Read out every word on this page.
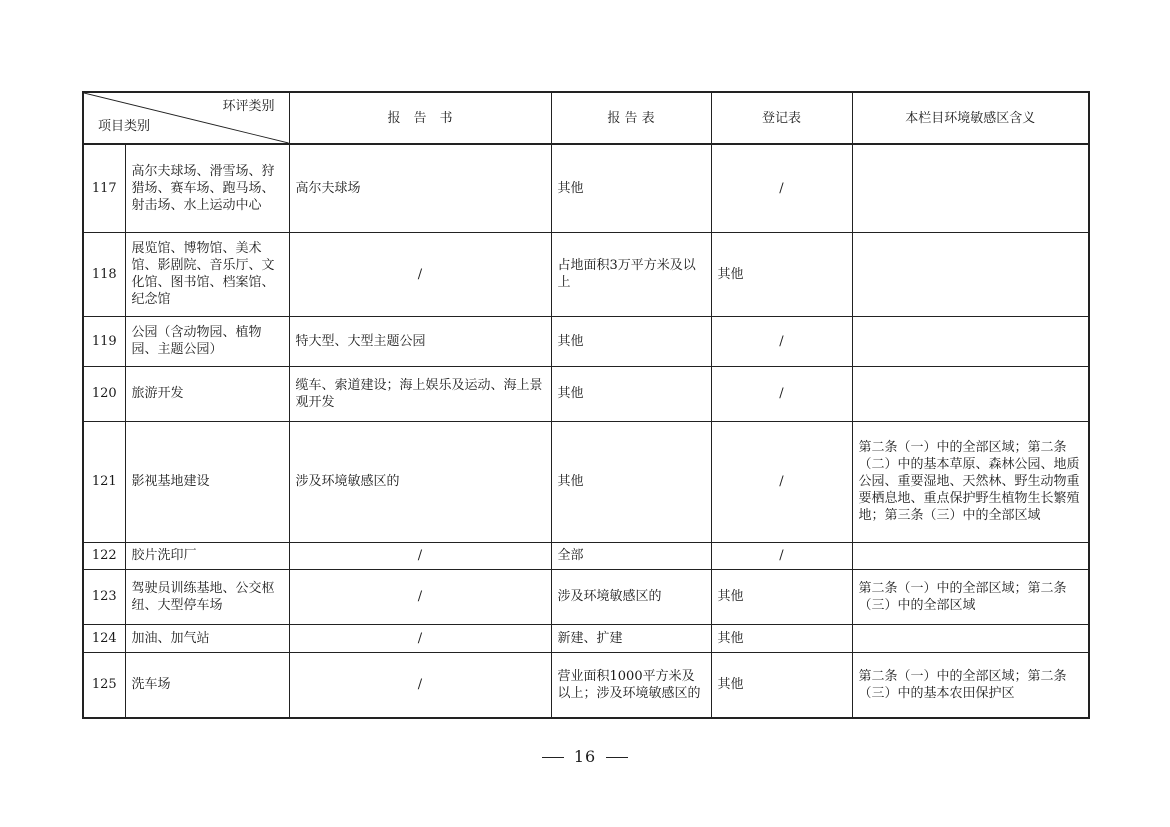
环评类别
项目类别		报　告　书	报 告 表	登记表	本栏目环境敏感区含义
117	高尔夫球场、滑雪场、狩猎场、赛车场、跑马场、射击场、水上运动中心	高尔夫球场	其他	/	
118	展览馆、博物馆、美术馆、影剧院、音乐厅、文化馆、图书馆、档案馆、纪念馆	/	占地面积3万平方米及以上	其他	
119	公园（含动物园、植物园、主题公园）	特大型、大型主题公园	其他	/	
120	旅游开发	缆车、索道建设；海上娱乐及运动、海上景观开发	其他	/	
121	影视基地建设	涉及环境敏感区的	其他	/	第二条（一）中的全部区域；第二条（二）中的基本草原、森林公园、地质公园、重要湿地、天然林、野生动物重要栖息地、重点保护野生植物生长繁殖地；第三条（三）中的全部区域
122	胶片洗印厂	/	全部	/	
123	驾驶员训练基地、公交枢纽、大型停车场	/	涉及环境敏感区的	其他	第二条（一）中的全部区域；第二条（三）中的全部区域
124	加油、加气站	/	新建、扩建	其他	
125	洗车场	/	营业面积1000平方米及以上；涉及环境敏感区的	其他	第二条（一）中的全部区域；第二条（三）中的基本农田保护区
16
